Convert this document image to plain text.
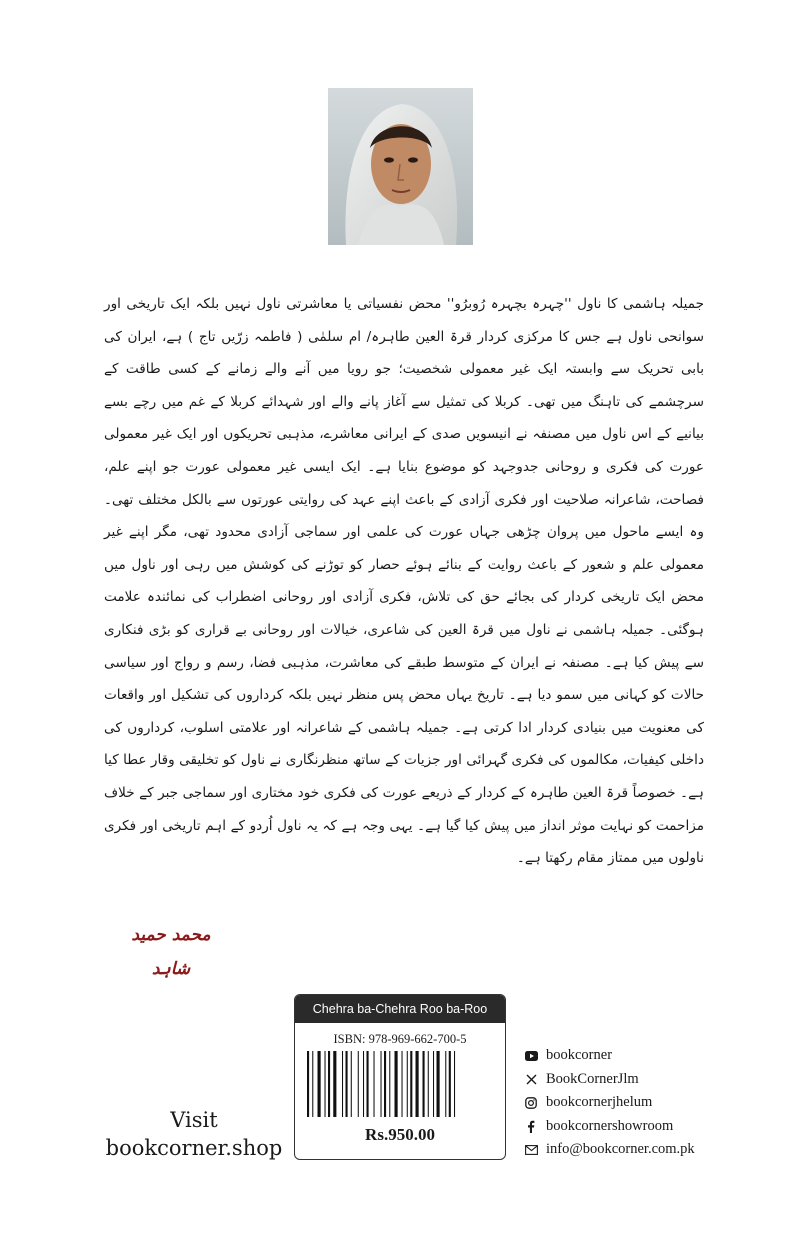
جمیلہ ہاشمی کا ناول ''چہرہ بچہرہ رُوبرُو'' محض نفسیاتی یا معاشرتی ناول نہیں بلکہ ایک تاریخی اور سوانحی ناول ہے جس کا مرکزی کردار قرۃ العین طاہرہ/ ام سلمٰی ( فاطمہ زرّیں تاج ) ہے، ایران کی بابی تحریک سے وابستہ ایک غیر معمولی شخصیت؛ جو رویا میں آنے والے زمانے کے کسی طاقت کے سرچشمے کی تاہنگ میں تھی۔ کربلا کی تمثیل سے آغاز پانے والے اور شہدائے کربلا کے غم میں رچے بسے بیانیے کے اس ناول میں مصنفہ نے انیسویں صدی کے ایرانی معاشرے، مذہبی تحریکوں اور ایک غیر معمولی عورت کی فکری و روحانی جدوجہد کو موضوع بنایا ہے۔ ایک ایسی غیر معمولی عورت جو اپنے علم، فصاحت، شاعرانہ صلاحیت اور فکری آزادی کے باعث اپنے عہد کی روایتی عورتوں سے بالکل مختلف تھی۔ وہ ایسے ماحول میں پروان چڑھی جہاں عورت کی علمی اور سماجی آزادی محدود تھی، مگر اپنے غیر معمولی علم و شعور کے باعث روایت کے بنائے ہوئے حصار کو توڑنے کی کوشش میں رہی اور ناول میں محض ایک تاریخی کردار کی بجائے حق کی تلاش، فکری آزادی اور روحانی اضطراب کی نمائندہ علامت ہوگئی۔ جمیلہ ہاشمی نے ناول میں قرۃ العین کی شاعری، خیالات اور روحانی بے قراری کو بڑی فنکاری سے پیش کیا ہے۔ مصنفہ نے ایران کے متوسط طبقے کی معاشرت، مذہبی فضا، رسم و رواج اور سیاسی حالات کو کہانی میں سمو دیا ہے۔ تاریخ یہاں محض پس منظر نہیں بلکہ کرداروں کی تشکیل اور واقعات کی معنویت میں بنیادی کردار ادا کرتی ہے۔ جمیلہ ہاشمی کے شاعرانہ اور علامتی اسلوب، کرداروں کی داخلی کیفیات، مکالموں کی فکری گہرائی اور جزیات کے ساتھ منظرنگاری نے ناول کو تخلیقی وقار عطا کیا ہے۔ خصوصاً قرۃ العین طاہرہ کے کردار کے ذریعے عورت کی فکری خود مختاری اور سماجی جبر کے خلاف مزاحمت کو نہایت موثر انداز میں پیش کیا گیا ہے۔ یہی وجہ ہے کہ یہ ناول اُردو کے اہم تاریخی اور فکری ناولوں میں ممتاز مقام رکھتا ہے۔

محمد حمید شاہد
Visit
bookcorner.shop
Chehra ba-Chehra Roo ba-Roo
ISBN: 978-969-662-700-5
Rs.950.00
bookcorner
BookCornerJlm
bookcornerjhelum
bookcornershowroom
info@bookcorner.com.pk
